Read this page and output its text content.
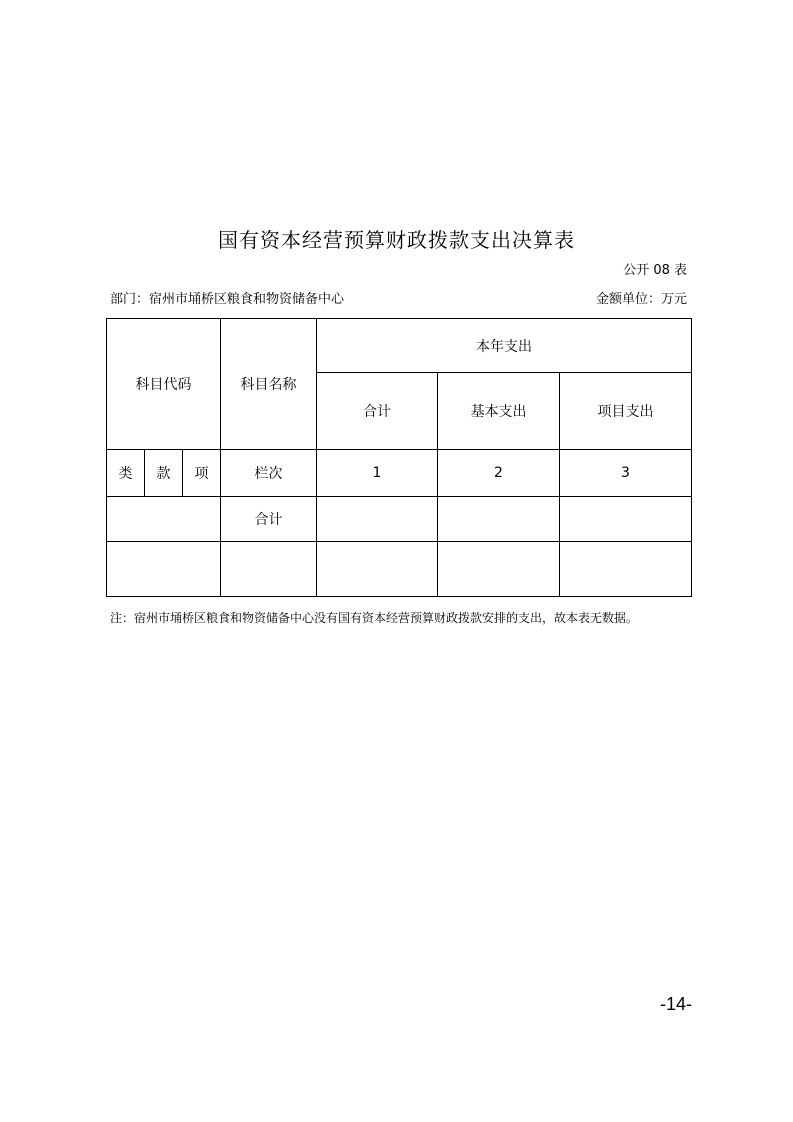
国有资本经营预算财政拨款支出决算表
公开 08 表
部门：宿州市埇桥区粮食和物资储备中心	金额单位：万元
科目代码			科目名称	本年支出		
				合计	基本支出	项目支出
类	款	项	栏次	1	2	3
			合计			

注：宿州市埇桥区粮食和物资储备中心没有国有资本经营预算财政拨款安排的支出，故本表无数据。
-14-
